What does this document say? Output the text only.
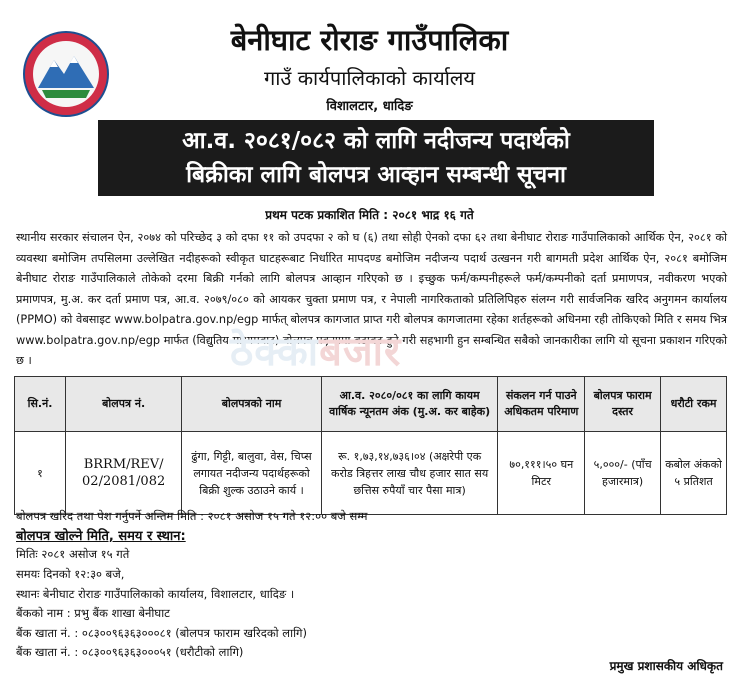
बेनीघाट रोराङ गाउँपालिका
गाउँ कार्यपालिकाको कार्यालय
विशालटार, धादिङ
आ.व. २०८१/०८२ को लागि नदीजन्य पदार्थको
बिक्रीका लागि बोलपत्र आव्हान सम्बन्धी सूचना
प्रथम पटक प्रकाशित मिति : २०८१ भाद्र १६ गते
स्थानीय सरकार संचालन ऐन, २०७४ को परिच्छेद ३ को दफा ११ को उपदफा २ को घ (६) तथा सोही ऐनको दफा ६२ तथा बेनीघाट रोराङ गाउँपालिकाको आर्थिक ऐन, २०८१ को व्यवस्था बमोजिम तपसिलमा उल्लेखित नदीहरूको स्वीकृत घाटहरूबाट निर्धारित मापदण्ड बमोजिम नदीजन्य पदार्थ उत्खनन गरी बागमती प्रदेश आर्थिक ऐन, २०८१ बमोजिम बेनीघाट रोराङ गाउँपालिकाले तोकेको दरमा बिक्री गर्नको लागि बोलपत्र आव्हान गरिएको छ । इच्छुक फर्म/कम्पनीहरूले फर्म/कम्पनीको दर्ता प्रमाणपत्र, नवीकरण भएको प्रमाणपत्र, मु.अ. कर दर्ता प्रमाण पत्र, आ.व. २०७९/०८० को आयकर चुक्ता प्रमाण पत्र, र नेपाली नागरिकताको प्रतिलिपिहरु संलग्न गरी सार्वजनिक खरिद अनुगमन कार्यालय (PPMO) को वेबसाइट www.bolpatra.gov.np/egp मार्फत् बोलपत्र कागजात प्राप्त गरी बोलपत्र कागजातमा रहेका शर्तहरूको अधिनमा रही तोकिएको मिति र समय भित्र www.bolpatra.gov.np/egp मार्फत (विद्युतिय माध्यमबाट) बोलपत्र प्रकृयामा बढाबढ हुने गरी सहभागी हुन सम्बन्धित सबैको जानकारीका लागि यो सूचना प्रकाशन गरिएको छ ।	ठेक्काबजार
सि.नं.	बोलपत्र नं.	बोलपत्रको नाम	आ.व. २०८०/०८१ का लागि कायम वार्षिक न्यूनतम अंक (मु.अ. कर बाहेक)	संकलन गर्न पाउने अधिकतम परिमाण	बोलपत्र फाराम दस्तर	धरौटी रकम
१	BRRM/REV/ 02/2081/082	ढुंगा, गिट्टी, बालुवा, वेस, चिप्स लगायत नदीजन्य पदार्थहरूको बिक्री शुल्क उठाउने कार्य ।	रू. १,७३,१४,७३६।०४ (अक्षरेपी एक करोड त्रिहत्तर लाख चौध हजार सात सय छत्तिस रुपैयाँ चार पैसा मात्र)	७०,१११।५० घन मिटर	५,०००/- (पाँच हजारमात्र)	कबोल अंकको ५ प्रतिशत
बोलपत्र खरिद तथा पेश गर्नुपर्ने अन्तिम मिति : २०८१ असोज १५ गते १२:०० बजे सम्म
बोलपत्र खोल्ने मिति, समय र स्थान:
मितिः २०८१ असोज १५ गते
समयः दिनको १२:३० बजे,
स्थानः बेनीघाट रोराङ गाउँपालिकाको कार्यालय, विशालटार, धादिङ ।
बैंकको नाम : प्रभु बैंक शाखा बेनीघाट
बैंक खाता नं. : ०८३००९६३६३०००८१ (बोलपत्र फाराम खरिदको लागि)
बैंक खाता नं. : ०८३००९६३६३०००५१ (धरौटीको लागि)
प्रमुख प्रशासकीय अधिकृत
